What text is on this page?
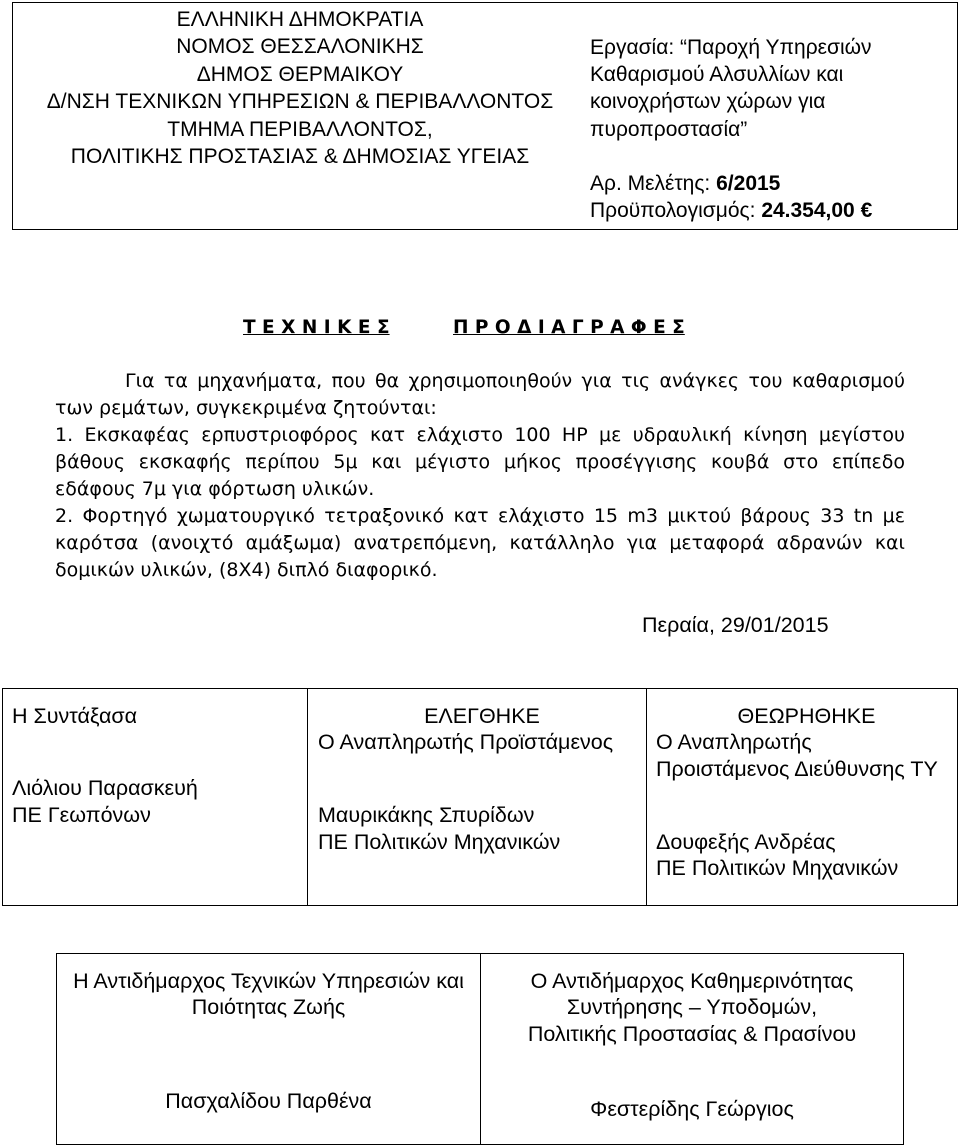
ΕΛΛΗΝΙΚΗ ΔΗΜΟΚΡΑΤΙΑ
ΝΟΜΟΣ ΘΕΣΣΑΛΟΝΙΚΗΣ
ΔΗΜΟΣ ΘΕΡΜΑΙΚΟΥ
Δ/ΝΣΗ ΤΕΧΝΙΚΩΝ ΥΠΗΡΕΣΙΩΝ & ΠΕΡΙΒΑΛΛΟΝΤΟΣ
ΤΜΗΜΑ ΠΕΡΙΒΑΛΛΟΝΤΟΣ,
ΠΟΛΙΤΙΚΗΣ ΠΡΟΣΤΑΣΙΑΣ & ΔΗΜΟΣΙΑΣ ΥΓΕΙΑΣ
Εργασία: “Παροχή Υπηρεσιών
Καθαρισμού Αλσυλλίων και
κοινοχρήστων χώρων για
πυροπροστασία”
Αρ. Μελέτης: 6/2015
Προϋπολογισμός: 24.354,00 €
Τ Ε Χ Ν Ι Κ Ε Σ	Π Ρ Ο Δ Ι Α Γ Ρ Α Φ Ε Σ
Για τα μηχανήματα, που θα χρησιμοποιηθούν για τις ανάγκες του καθαρισμού
των ρεμάτων, συγκεκριμένα ζητούνται:
1. Εκσκαφέας ερπυστριοφόρος κατ ελάχιστο 100 HP με υδραυλική κίνηση μεγίστου
βάθους εκσκαφής περίπου 5μ και μέγιστο μήκος προσέγγισης κουβά στο επίπεδο
εδάφους 7μ για φόρτωση υλικών.
2. Φορτηγό χωματουργικό τετραξονικό κατ ελάχιστο 15 m3 μικτού βάρους 33 tn με
καρότσα (ανοιχτό αμάξωμα) ανατρεπόμενη, κατάλληλο για μεταφορά αδρανών και
δομικών υλικών, (8Χ4) διπλό διαφορικό.
Περαία, 29/01/2015
Η Συντάξασα
Λιόλιου Παρασκευή
ΠΕ Γεωπόνων
ΕΛΕΓΘΗΚΕ
Ο Αναπληρωτής Προϊστάμενος
Μαυρικάκης Σπυρίδων
ΠΕ Πολιτικών Μηχανικών
ΘΕΩΡΗΘΗΚΕ
Ο Αναπληρωτής
Προιστάμενος Διεύθυνσης ΤΥ
Δουφεξής Ανδρέας
ΠΕ Πολιτικών Μηχανικών
Η Αντιδήμαρχος Τεχνικών Υπηρεσιών και
Ποιότητας Ζωής
Πασχαλίδου Παρθένα
Ο Αντιδήμαρχος Καθημερινότητας
Συντήρησης – Υποδομών,
Πολιτικής Προστασίας & Πρασίνου
Φεστερίδης Γεώργιος
